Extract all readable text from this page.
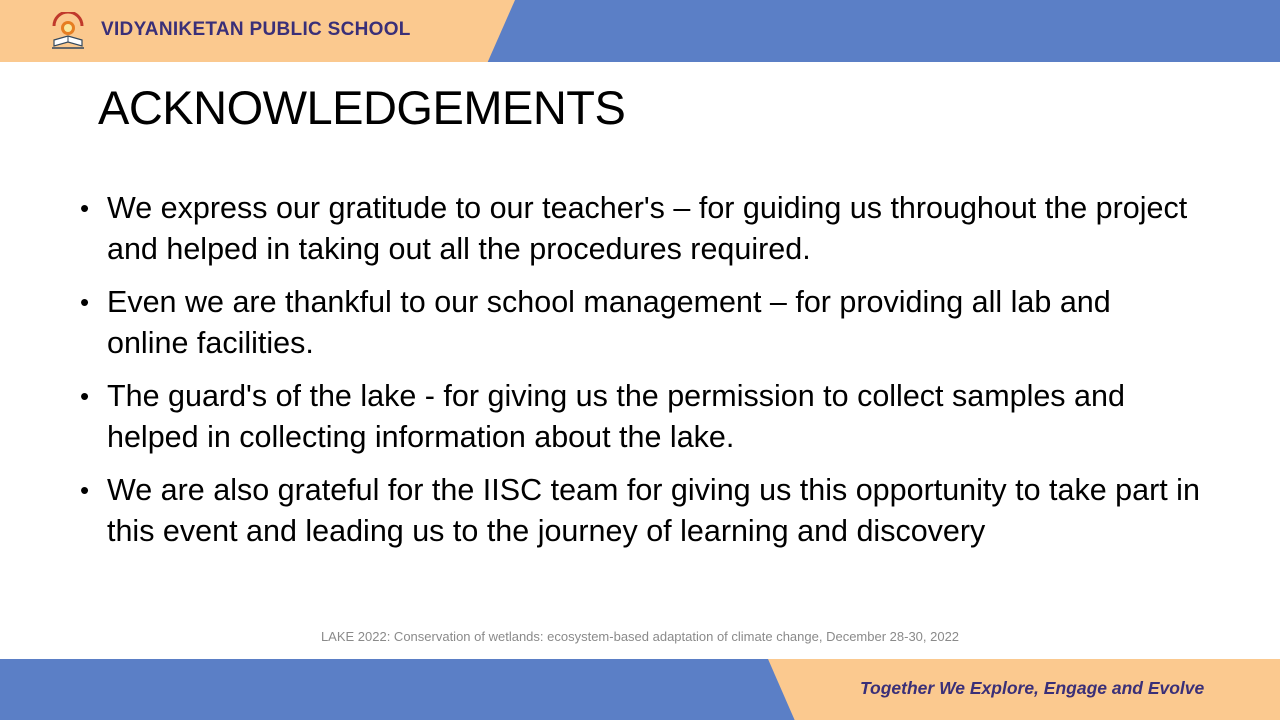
VIDYANIKETAN PUBLIC SCHOOL
ACKNOWLEDGEMENTS
• We express our gratitude to our teacher's – for guiding us throughout the project and helped in taking out all the procedures required.
• Even we are thankful to our school management – for providing all lab and online facilities.
• The guard's of the lake - for giving us the permission to collect samples and helped in collecting information about the lake.
• We are also grateful for the IISC team for giving us this opportunity to take part in this event and leading us to the journey of learning and discovery
LAKE 2022: Conservation of wetlands: ecosystem-based adaptation of climate change, December 28-30, 2022
Together We Explore, Engage and Evolve
